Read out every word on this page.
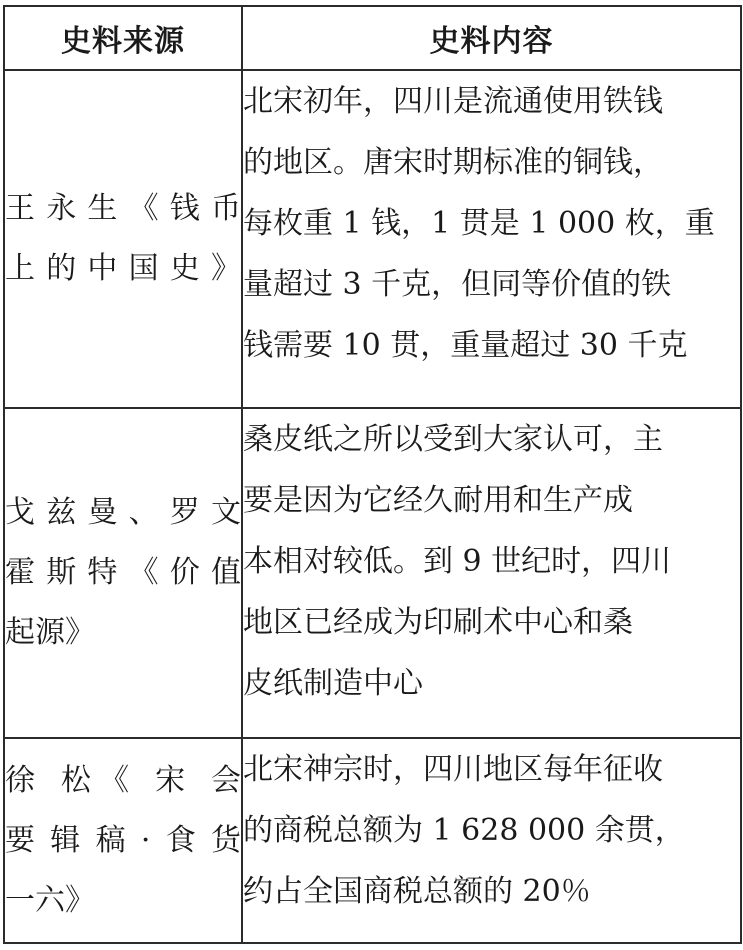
史料来源	史料内容

王永生《钱币
上的中国史》	北宋初年，四川是流通使用铁钱
的地区。唐宋时期标准的铜钱，
每枚重 1 钱，1 贯是 1 000 枚，重
量超过 3 千克，但同等价值的铁
钱需要 10 贯，重量超过 30 千克

戈兹曼、罗文
霍斯特《价值
起源》	桑皮纸之所以受到大家认可，主
要是因为它经久耐用和生产成
本相对较低。到 9 世纪时，四川
地区已经成为印刷术中心和桑
皮纸制造中心

徐 松《 宋 会
要辑稿·食货
一六》	北宋神宗时，四川地区每年征收
的商税总额为 1 628 000 余贯，
约占全国商税总额的 20％
